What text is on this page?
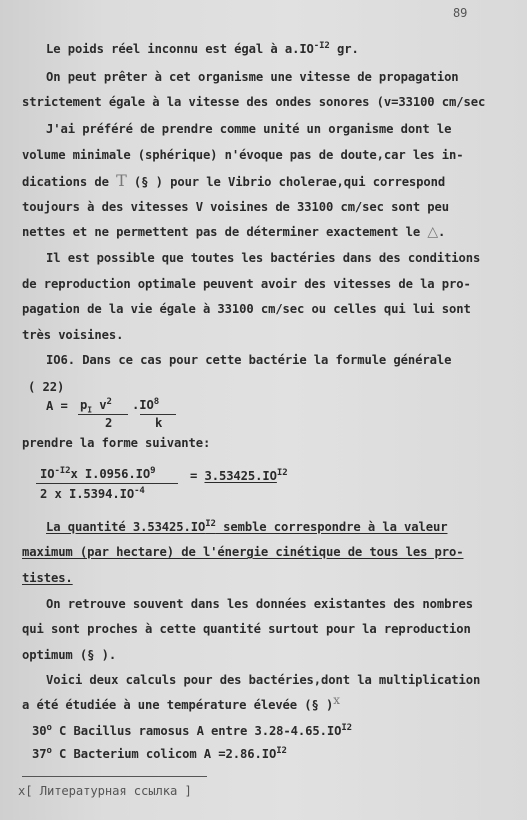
89
Le poids réel inconnu est égal à $a.IO^{-I2}$ gr.
On peut prêter à cet organisme une vitesse de propagation
strictement égale à la vitesse des ondes sonores (v=33100 cm/sec
J'ai préféré de prendre comme unité un organisme dont le
volume minimale (sphérique) n'évoque pas de doute,car les in-
dications de T (§ ) pour le Vibrio cholerae,qui correspond
toujours à des vitesses V voisines de 33100 cm/sec sont peu
nettes et ne permettent pas de déterminer exactement le △.
Il est possible que toutes les bactéries dans des conditions
de reproduction optimale peuvent avoir des vitesses de la pro-
pagation de la vie égale à 33100 cm/sec ou celles qui lui sont
très voisines.
IO6. Dans ce cas pour cette bactérie la formule générale
( 22)
$A = p_I$ $v^2$
2
$.IO^8$
k
prendre la forme suivante:
$IO^{-I2}x$ $I.0956.IO^9$
2 x $I.5394.IO^{-4}$
= $3.53425.IO^{I2}$
La quantité $3.53425.IO^{I2}$ semble correspondre à la valeur
maximum (par hectare) de l'énergie cinétique de tous les pro-
tistes.
On retrouve souvent dans les données existantes des nombres
qui sont proches à cette quantité surtout pour la reproduction
optimum (§ ).
Voici deux calculs pour des bactéries,dont la multiplication
a été étudiée à une température élevée (§ )$^x$
30$^o$ C Bacillus ramosus A entre $3.28-4.65.IO^{I2}$
37$^o$ C Bacterium colicom $A =2.86.IO^{I2}$
x[ Литературная ссылка ]
